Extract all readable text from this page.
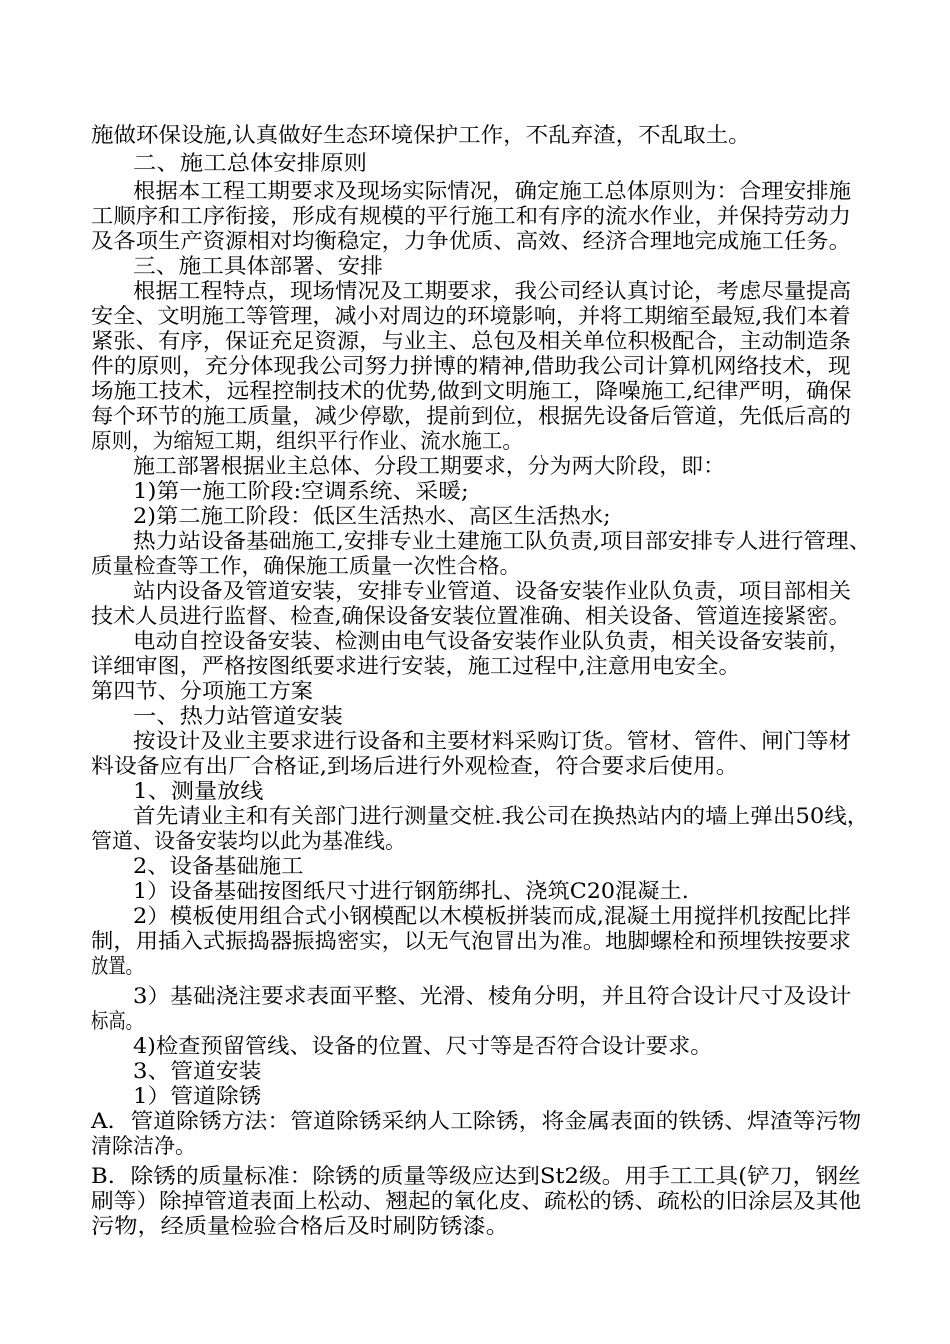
施做环保设施,认真做好生态环境保护工作，不乱弃渣，不乱取土。
二、施工总体安排原则
根据本工程工期要求及现场实际情况，确定施工总体原则为：合理安排施
工顺序和工序衔接，形成有规模的平行施工和有序的流水作业，并保持劳动力
及各项生产资源相对均衡稳定，力争优质、高效、经济合理地完成施工任务。
三、施工具体部署、安排
根据工程特点，现场情况及工期要求，我公司经认真讨论，考虑尽量提高
安全、文明施工等管理，减小对周边的环境影响，并将工期缩至最短,我们本着
紧张、有序，保证充足资源，与业主、总包及相关单位积极配合，主动制造条
件的原则，充分体现我公司努力拼博的精神,借助我公司计算机网络技术，现
场施工技术，远程控制技术的优势,做到文明施工，降噪施工,纪律严明，确保
每个环节的施工质量，减少停歇，提前到位，根据先设备后管道，先低后高的
原则，为缩短工期，组织平行作业、流水施工。
施工部署根据业主总体、分段工期要求，分为两大阶段，即：
1)第一施工阶段:空调系统、采暖;
2)第二施工阶段：低区生活热水、高区生活热水;
热力站设备基础施工,安排专业土建施工队负责,项目部安排专人进行管理、
质量检查等工作，确保施工质量一次性合格。
站内设备及管道安装，安排专业管道、设备安装作业队负责，项目部相关
技术人员进行监督、检查,确保设备安装位置准确、相关设备、管道连接紧密。
电动自控设备安装、检测由电气设备安装作业队负责，相关设备安装前，
详细审图，严格按图纸要求进行安装，施工过程中,注意用电安全。
第四节、分项施工方案
一、热力站管道安装
按设计及业主要求进行设备和主要材料采购订货。管材、管件、闸门等材
料设备应有出厂合格证,到场后进行外观检查，符合要求后使用。
1、测量放线
首先请业主和有关部门进行测量交桩.我公司在换热站内的墙上弹出50线，
管道、设备安装均以此为基准线。
2、设备基础施工
1）设备基础按图纸尺寸进行钢筋绑扎、浇筑C20混凝土.
2）模板使用组合式小钢模配以木模板拼装而成,混凝土用搅拌机按配比拌
制，用插入式振捣器振捣密实，以无气泡冒出为准。地脚螺栓和预埋铁按要求
放置。
3）基础浇注要求表面平整、光滑、棱角分明，并且符合设计尺寸及设计
标高。
4)检查预留管线、设备的位置、尺寸等是否符合设计要求。
3、管道安装
1）管道除锈
A．管道除锈方法：管道除锈采纳人工除锈，将金属表面的铁锈、焊渣等污物
清除洁净。
B．除锈的质量标准：除锈的质量等级应达到St2级。用手工工具(铲刀，钢丝
刷等）除掉管道表面上松动、翘起的氧化皮、疏松的锈、疏松的旧涂层及其他
污物，经质量检验合格后及时刷防锈漆。
